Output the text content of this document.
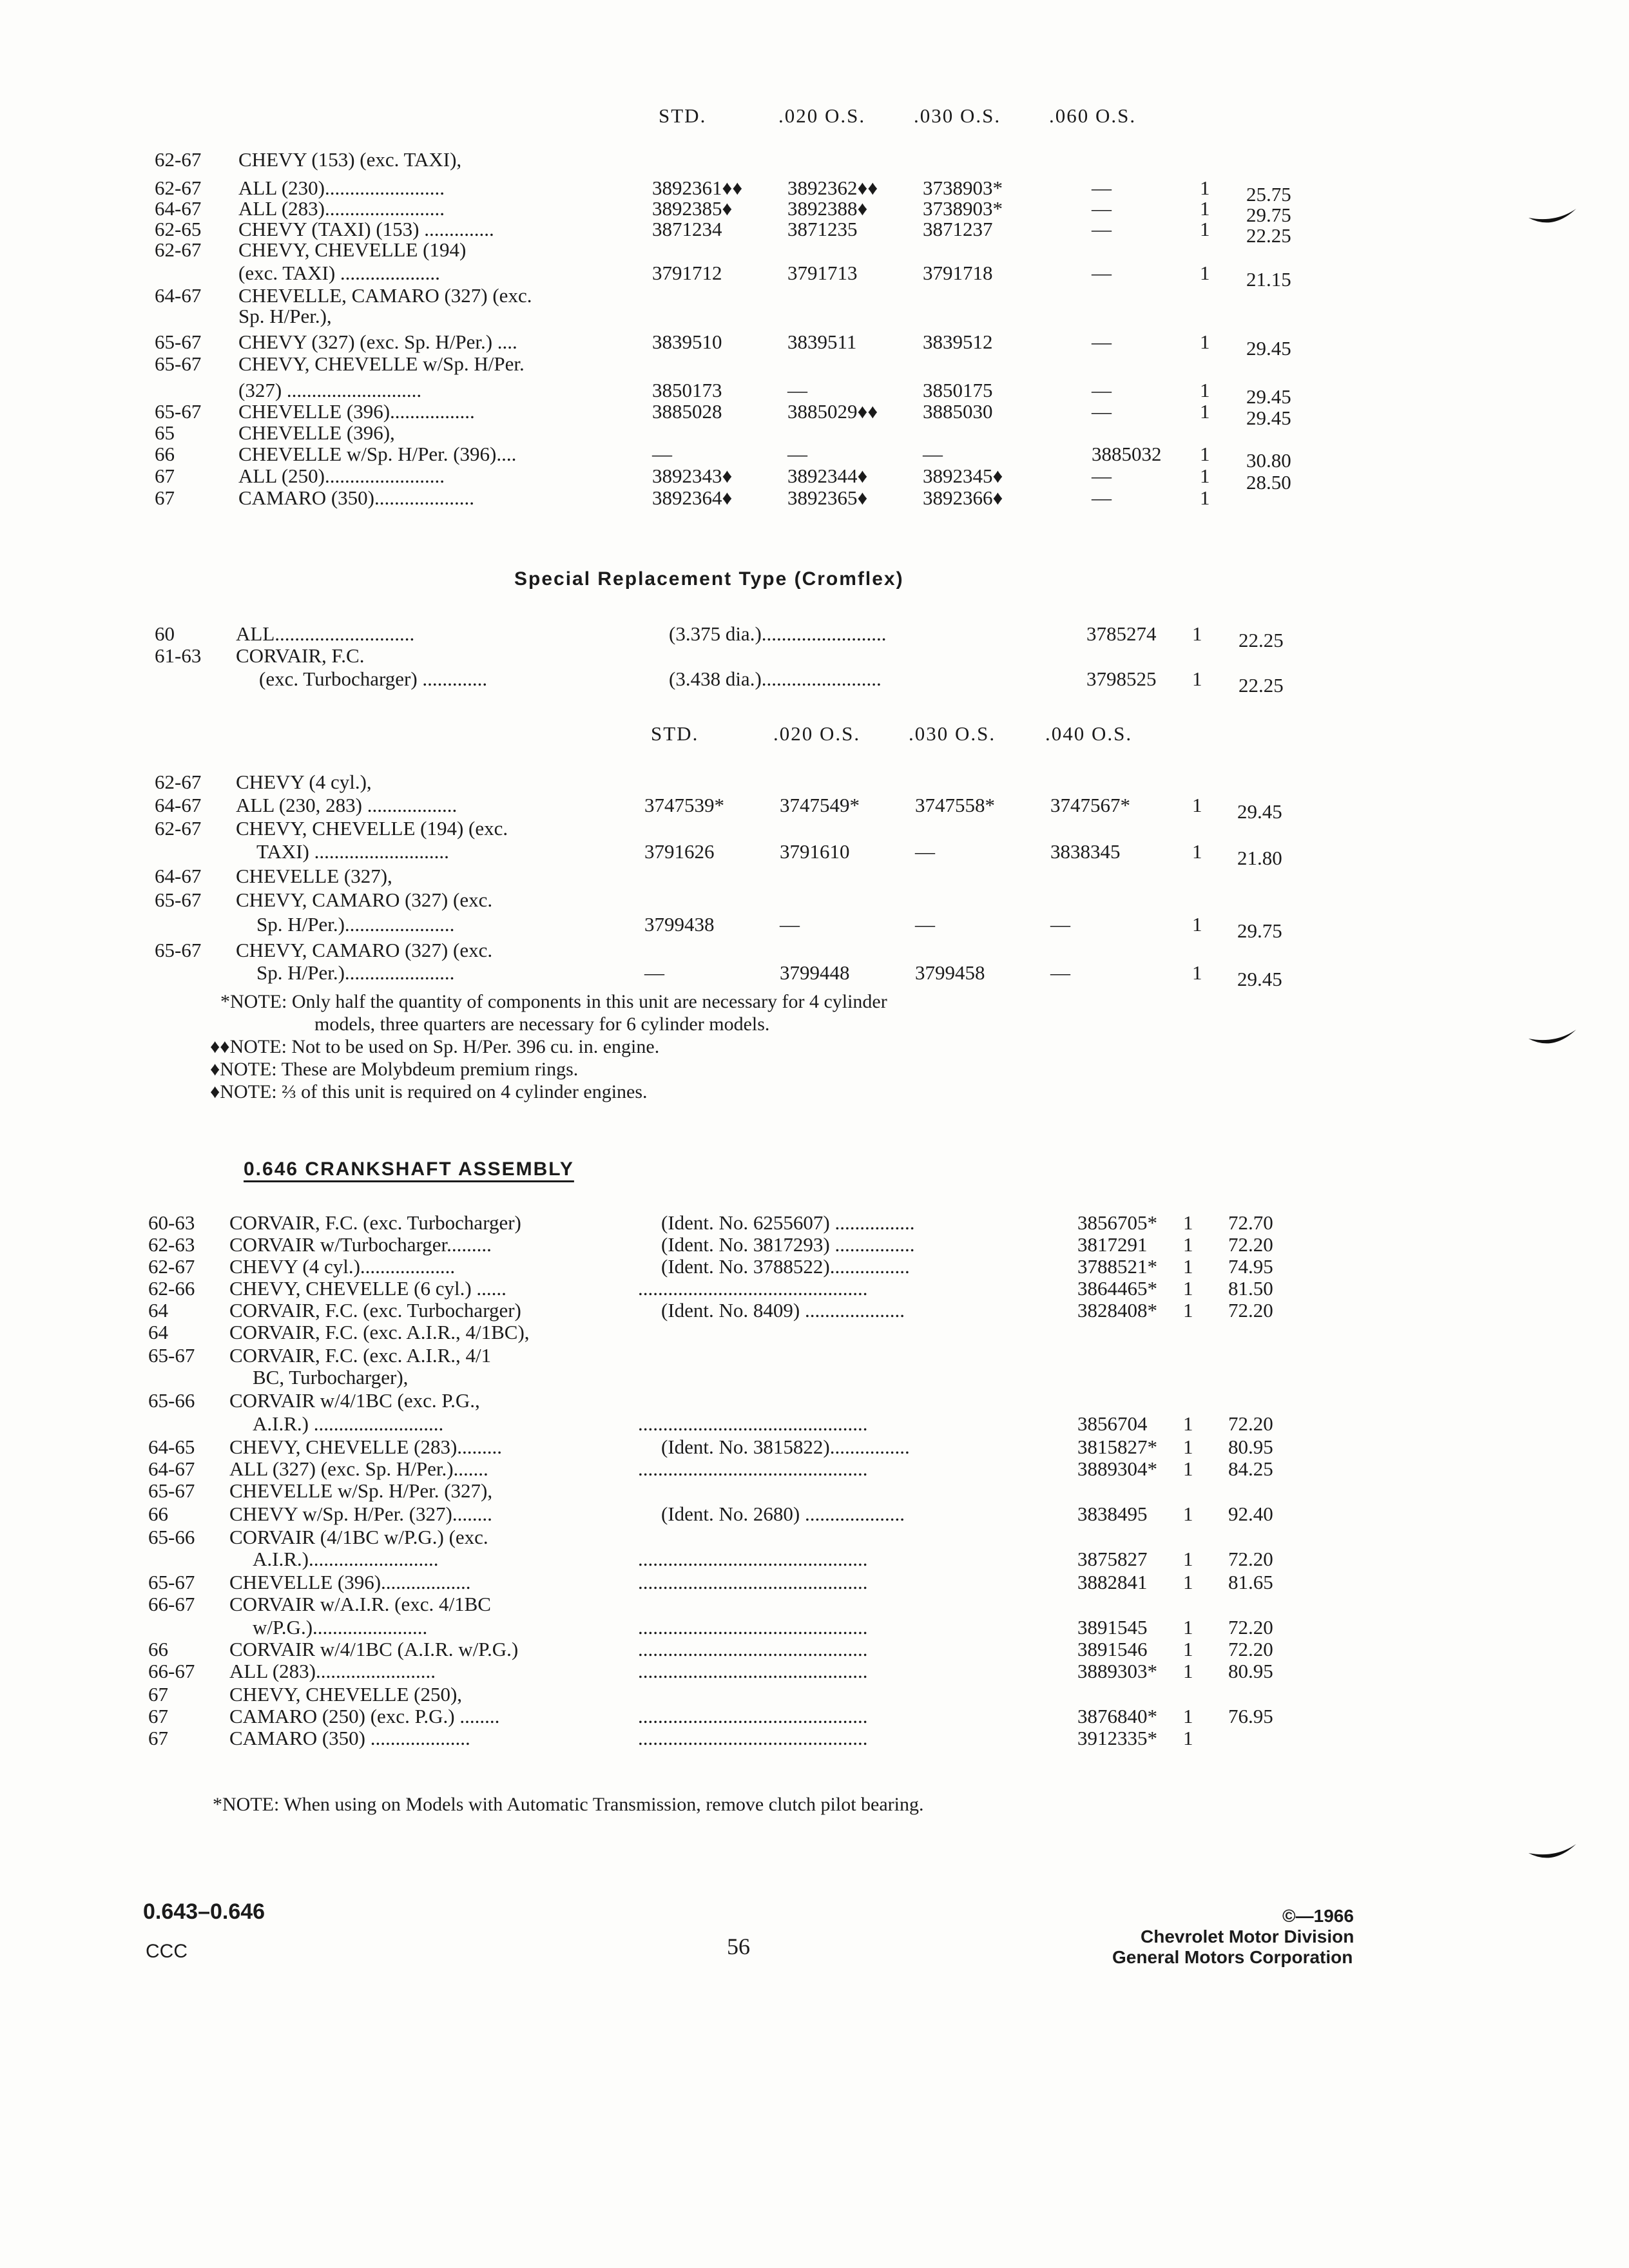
STD.	.020 O.S. .030 O.S. .060 O.S.
62-67 CHEVY (153) (exc. TAXI),
62-67 ALL (230)........................	3892361♦♦ 3892362♦♦ 3738903*	—	1 25.75
64-67 ALL (283)........................	3892385♦	3892388♦	3738903*	—	1 29.75
62-65 CHEVY (TAXI) (153) ..............	3871234	3871235	3871237	—	1 22.25
62-67 CHEVY, CHEVELLE (194)
(exc. TAXI) ....................	3791712	3791713	3791718	—	1 21.15
64-67 CHEVELLE, CAMARO (327) (exc.
Sp. H/Per.),
65-67 CHEVY (327) (exc. Sp. H/Per.) ....	3839510	3839511	3839512	—	1 29.45
65-67 CHEVY, CHEVELLE w/Sp. H/Per.
(327) ...........................	3850173	—	3850175	—	1 29.45
65-67 CHEVELLE (396).................	3885028	3885029♦♦ 3885030	—	1 29.45
65	CHEVELLE (396),
66	CHEVELLE w/Sp. H/Per. (396)....	—	—	—	3885032 1 30.80
67	ALL (250)........................	3892343♦	3892344♦	3892345♦	—	1 28.50
67	CAMARO (350)....................	3892364♦	3892365♦	3892366♦	—	1
Special Replacement Type (Cromflex)
60	ALL............................	(3.375 dia.).........................	3785274 1 22.25
61-63 CORVAIR, F.C.
(exc. Turbocharger) .............	(3.438 dia.)........................	3798525 1 22.25
STD.	.020 O.S. .030 O.S. .040 O.S.
62-67 CHEVY (4 cyl.),
64-67 ALL (230, 283) ..................	3747539*	3747549*	3747558*	3747567*	1 29.45
62-67 CHEVY, CHEVELLE (194) (exc.
TAXI) ...........................	3791626	3791610	—	3838345	1 21.80
64-67 CHEVELLE (327),
65-67 CHEVY, CAMARO (327) (exc.
Sp. H/Per.)......................	3799438	—	—	—	1 29.75
65-67 CHEVY, CAMARO (327) (exc.
Sp. H/Per.)......................	—	3799448	3799458	—	1 29.45
*NOTE: Only half the quantity of components in this unit are necessary for 4 cylinder
models, three quarters are necessary for 6 cylinder models.
♦♦NOTE: Not to be used on Sp. H/Per. 396 cu. in. engine.
♦NOTE: These are Molybdeum premium rings.
♦NOTE: ⅔ of this unit is required on 4 cylinder engines.
0.646 CRANKSHAFT ASSEMBLY
60-63 CORVAIR, F.C. (exc. Turbocharger)	(Ident. No. 6255607) ................	3856705* 1 72.70
62-63 CORVAIR w/Turbocharger.........	(Ident. No. 3817293) ................	3817291 1 72.20
62-67 CHEVY (4 cyl.)...................	(Ident. No. 3788522)................	3788521* 1 74.95
62-66 CHEVY, CHEVELLE (6 cyl.) ......	..............................................	3864465* 1 81.50
64	CORVAIR, F.C. (exc. Turbocharger)	(Ident. No. 8409) ....................	3828408* 1 72.20
64	CORVAIR, F.C. (exc. A.I.R., 4/1BC),
65-67 CORVAIR, F.C. (exc. A.I.R., 4/1
BC, Turbocharger),
65-66 CORVAIR w/4/1BC (exc. P.G.,
A.I.R.) ..........................	..............................................	3856704 1 72.20
64-65 CHEVY, CHEVELLE (283).........	(Ident. No. 3815822)................	3815827* 1 80.95
64-67 ALL (327) (exc. Sp. H/Per.).......	..............................................	3889304* 1 84.25
65-67 CHEVELLE w/Sp. H/Per. (327),
66	CHEVY w/Sp. H/Per. (327)........	(Ident. No. 2680) ....................	3838495 1 92.40
65-66 CORVAIR (4/1BC w/P.G.) (exc.
A.I.R.)..........................	..............................................	3875827 1 72.20
65-67 CHEVELLE (396)..................	..............................................	3882841 1 81.65
66-67 CORVAIR w/A.I.R. (exc. 4/1BC
w/P.G.).......................	..............................................	3891545 1 72.20
66	CORVAIR w/4/1BC (A.I.R. w/P.G.)	..............................................	3891546 1 72.20
66-67 ALL (283)........................	..............................................	3889303* 1 80.95
67	CHEVY, CHEVELLE (250),
67	CAMARO (250) (exc. P.G.) ........	..............................................	3876840* 1 76.95
67	CAMARO (350) ....................	..............................................	3912335* 1
*NOTE: When using on Models with Automatic Transmission, remove clutch pilot bearing.
0.643–0.646
CCC	56
©—1966
Chevrolet Motor Division
General Motors Corporation
